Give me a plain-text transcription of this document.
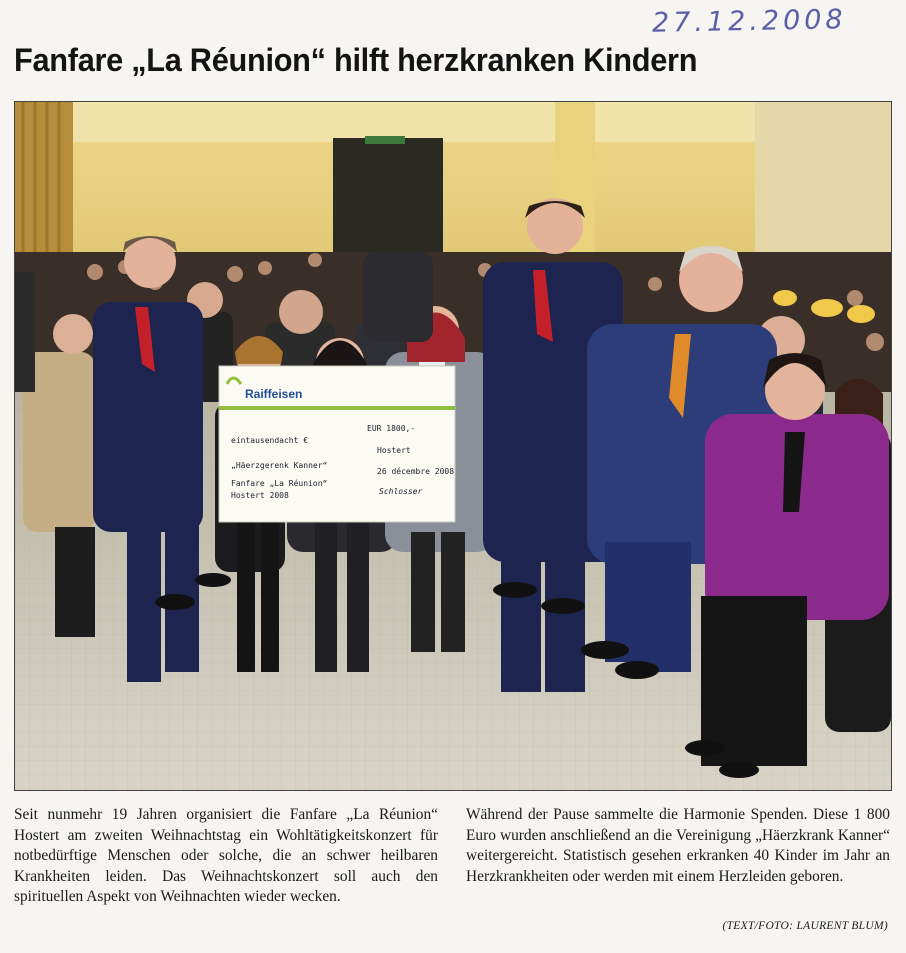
27.12.2008
Fanfare „La Réunion“ hilft herzkranken Kindern
Raiffeisen
EUR 1800,-
Hostert
eintausendacht €
„Häerzgerenk Kanner“
26 décembre 2008
Fanfare „La Réunion“
Hostert 2008	Schlosser
Seit nunmehr 19 Jahren organisiert die Fanfare „La Réunion“ Hostert am zweiten Weihnachtstag ein Wohltätigkeitskonzert für notbedürftige Menschen oder solche, die an schwer heilbaren Krankheiten leiden. Das Weihnachtskonzert soll auch den spirituellen Aspekt von Weihnachten wieder wecken.
Während der Pause sammelte die Harmonie Spenden. Diese 1 800 Euro wurden anschließend an die Vereinigung „Häerzkrank Kanner“ weitergereicht. Statistisch gesehen erkranken 40 Kinder im Jahr an Herzkrankheiten oder werden mit einem Herzleiden geboren.
(TEXT/FOTO: LAURENT BLUM)
